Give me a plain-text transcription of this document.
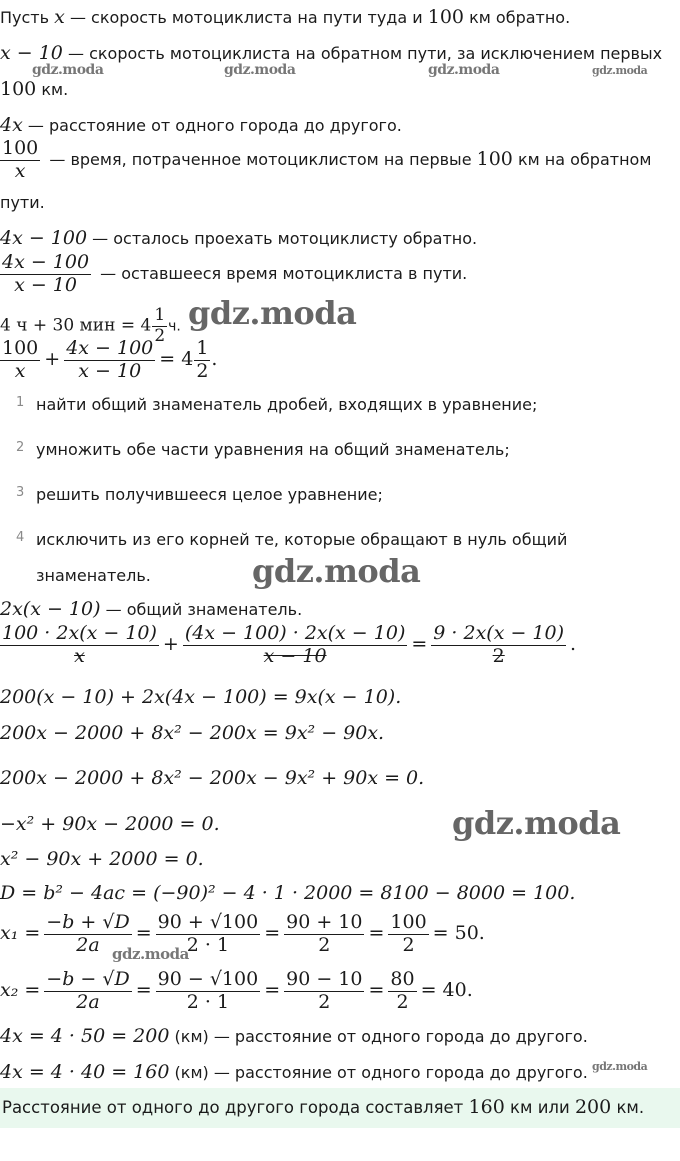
Пусть x — скорость мотоциклиста на пути туда и 100 км обратно.
x − 10 — скорость мотоциклиста на обратном пути, за исключением первых
100 км.
4x — расстояние от одного города до другого.
$\frac{100}{x}$ — время, потраченное мотоциклистом на первые 100 км на обратном
пути.
4x − 100 — осталось проехать мотоциклисту обратно.
$\frac{4x - 100}{x - 10}$ — оставшееся время мотоциклиста в пути.
4 ч + 30 мин = $4 \frac{1}{2} ч$.
$\frac{100}{x} + \frac{4x - 100}{x - 10} = 4 \frac{1}{2}$ .
1 найти общий знаменатель дробей, входящих в уравнение;
2 умножить обе части уравнения на общий знаменатель;
3 решить получившееся целое уравнение;
4 исключить из его корней те, которые обращают в нуль общий
знаменатель.
2x(x − 10) — общий знаменатель.
$\frac{100 \cdot 2x(x - 10)}{x} + \frac{(4x - 100) \cdot 2x(x - 10)}{x - 10} = \frac{9 \cdot 2x(x - 10)}{2}$ .
200(x − 10) + 2x(4x − 100) = 9x(x − 10).
200x − 2000 + 8x² − 200x = 9x² − 90x.
200x − 2000 + 8x² − 200x − 9x² + 90x = 0.
−x² + 90x − 2000 = 0.
x² − 90x + 2000 = 0.
D = b² − 4ac = (−90)² − 4 · 1 · 2000 = 8100 − 8000 = 100.
$x_1 = \frac{-b + √D}{2a} = \frac{90 + √100}{2 \cdot 1} = \frac{90 + 10}{2} = \frac{100}{2} = 50$.
$x_2 = \frac{-b - √D}{2a} = \frac{90 - √100}{2 \cdot 1} = \frac{90 - 10}{2} = \frac{80}{2} = 40$.
4x = 4 · 50 = 200 (км) — расстояние от одного города до другого.
4x = 4 · 40 = 160 (км) — расстояние от одного города до другого.
Расстояние от одного до другого города составляет 160 км или 200 км.
gdz.moda	gdz.moda	gdz.moda	gdz.moda
gdz.moda
gdz.moda
gdz.moda
gdz.moda
gdz.moda
